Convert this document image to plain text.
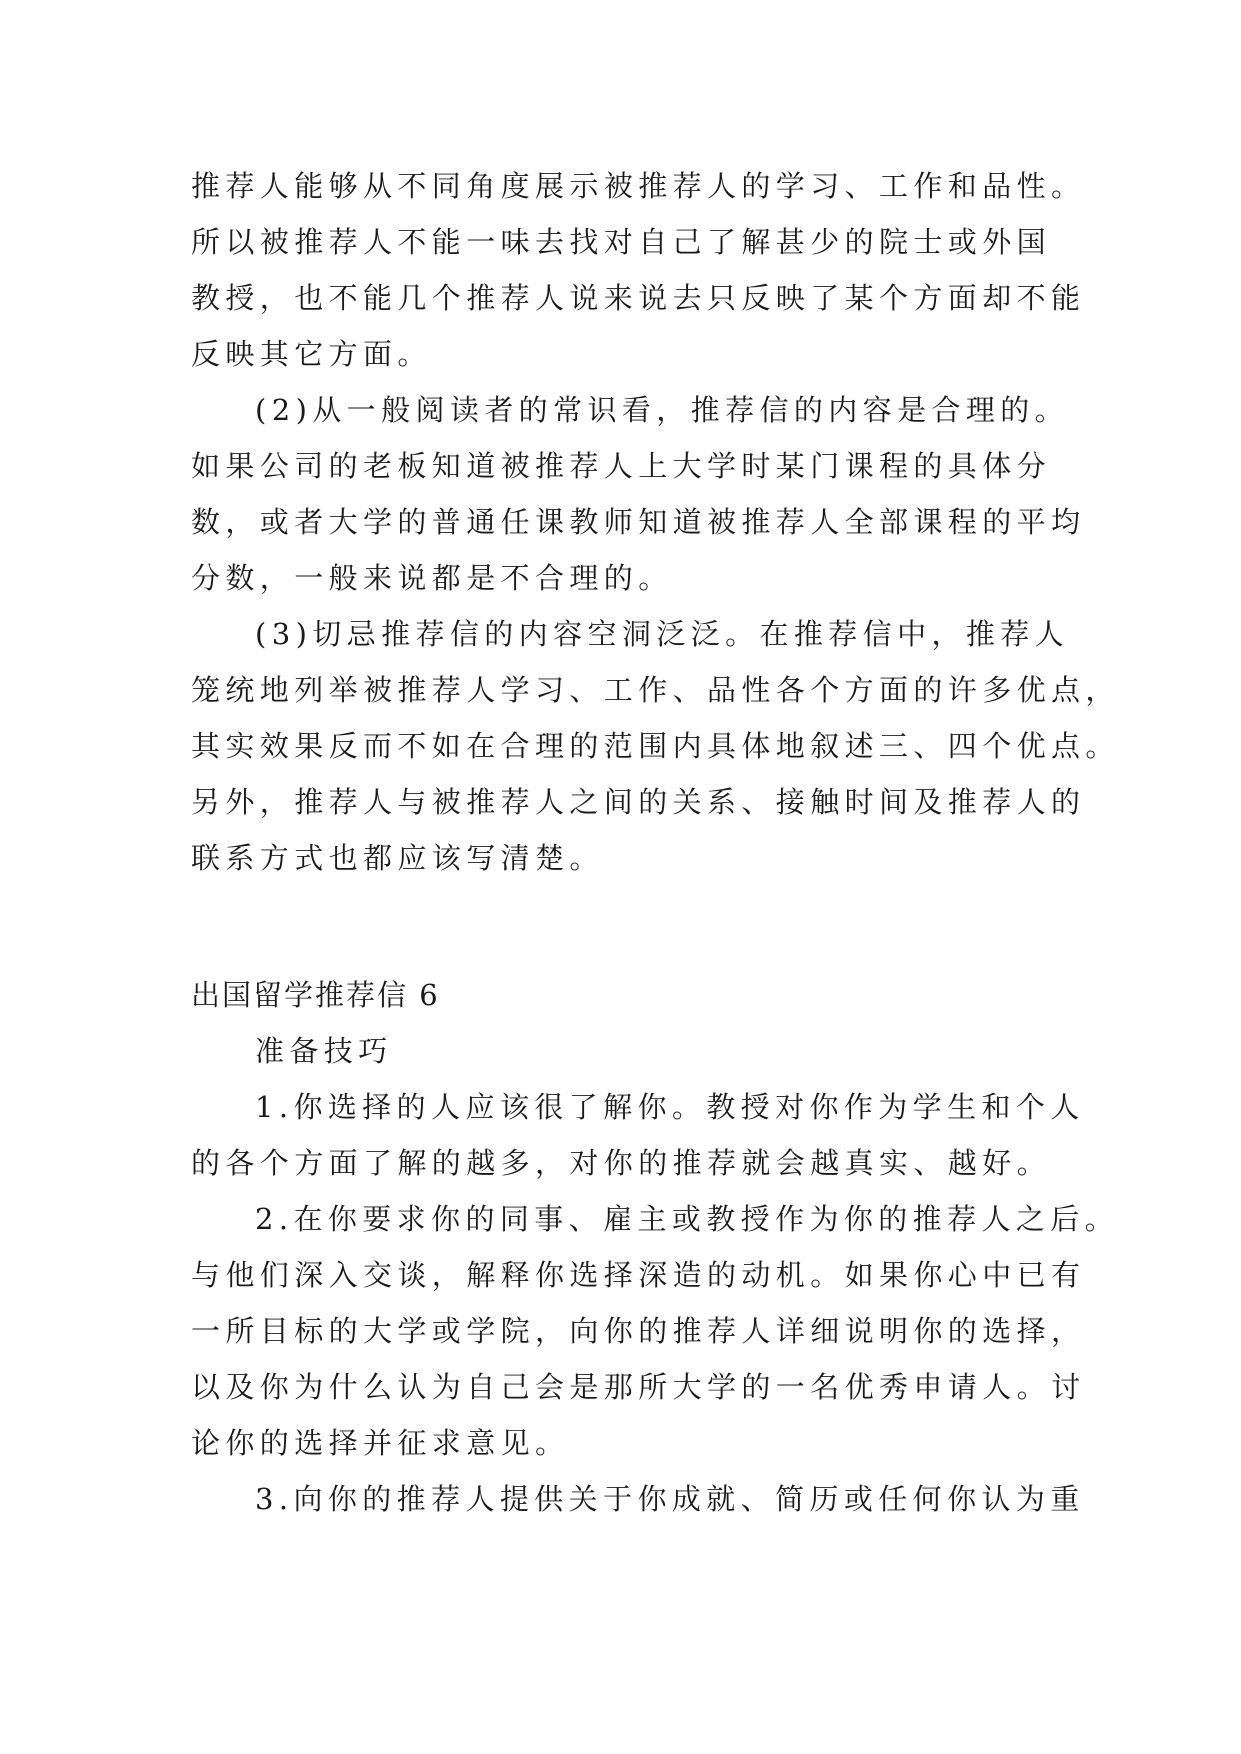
推荐人能够从不同角度展示被推荐人的学习、工作和品性。

所以被推荐人不能一味去找对自己了解甚少的院士或外国

教授，也不能几个推荐人说来说去只反映了某个方面却不能

反映其它方面。

(2)从一般阅读者的常识看，推荐信的内容是合理的。

如果公司的老板知道被推荐人上大学时某门课程的具体分

数，或者大学的普通任课教师知道被推荐人全部课程的平均

分数，一般来说都是不合理的。

(3)切忌推荐信的内容空洞泛泛。在推荐信中，推荐人

笼统地列举被推荐人学习、工作、品性各个方面的许多优点，

其实效果反而不如在合理的范围内具体地叙述三、四个优点。

另外，推荐人与被推荐人之间的关系、接触时间及推荐人的

联系方式也都应该写清楚。

出国留学推荐信 6

准备技巧

1.你选择的人应该很了解你。教授对你作为学生和个人

的各个方面了解的越多，对你的推荐就会越真实、越好。

2.在你要求你的同事、雇主或教授作为你的推荐人之后。

与他们深入交谈，解释你选择深造的动机。如果你心中已有

一所目标的大学或学院，向你的推荐人详细说明你的选择，

以及你为什么认为自己会是那所大学的一名优秀申请人。讨

论你的选择并征求意见。

3.向你的推荐人提供关于你成就、简历或任何你认为重
